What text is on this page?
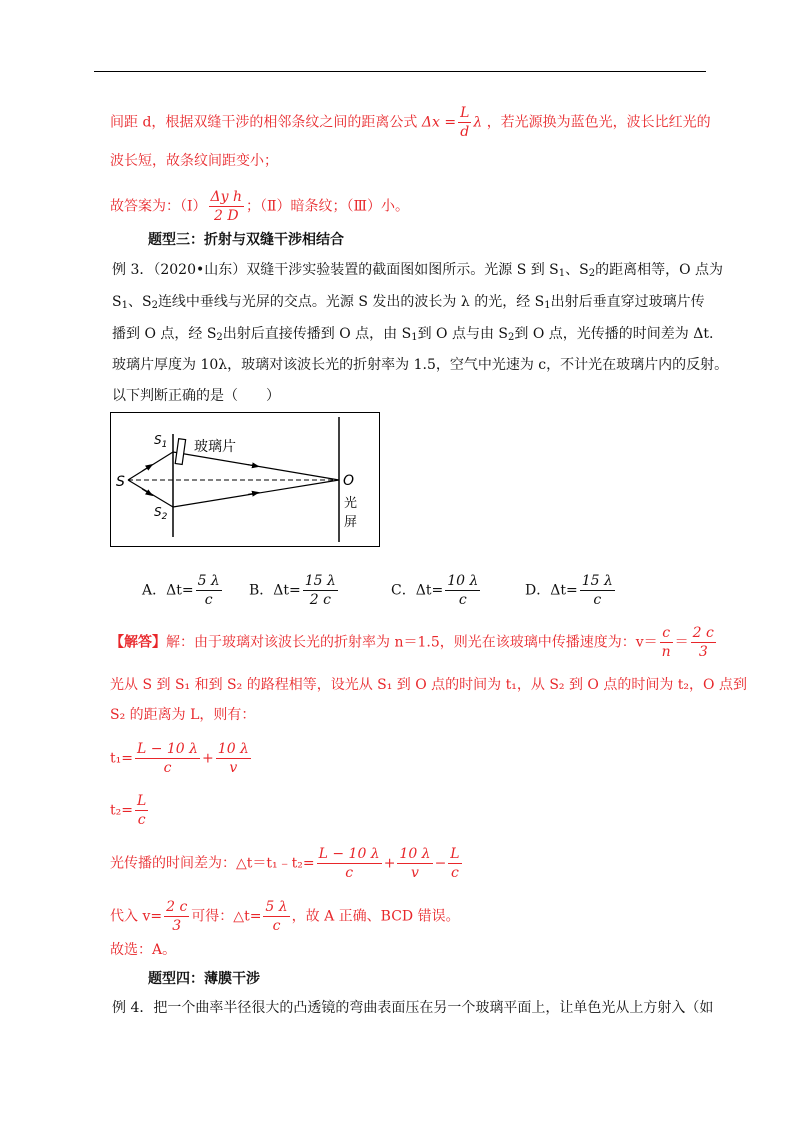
间距 d，根据双缝干涉的相邻条纹之间的距离公式 $\Delta x = \frac{L}{d}$ λ ，若光源换为蓝色光，波长比红光的
波长短，故条纹间距变小；
故答案为：$(I) \frac{\text{Δy h}}{2 D}$ ；（Ⅱ）暗条纹；（Ⅲ）小。
题型三：折射与双缝干涉相结合
例 3．（2020•山东）双缝干涉实验装置的截面图如图所示。光源 S 到 $S_1$、$S_2$的距离相等，O 点为
$S_1$、$S_2$连线中垂线与光屏的交点。光源 S 发出的波长为 λ 的光，经 $S_1$出射后垂直穿过玻璃片传
播到 O 点，经 $S_2$出射后直接传播到 O 点，由 $S_1$到 O 点与由 $S_2$到 O 点，光传播的时间差为 Δt.
玻璃片厚度为 10λ，玻璃对该波长光的折射率为 1.5，空气中光速为 c，不计光在玻璃片内的反射。
以下判断正确的是（　　）
S
$S_1$
$S_2$
玻璃片
O
光
屏
A．$\Delta t= \frac{5 \lambda}{c}$ B．$\Delta t= \frac{15 \lambda}{2 c}$	C．$\Delta t= \frac{10 \lambda}{c}$	D．$\Delta t= \frac{15 \lambda}{c}$
【解答】解：由于玻璃对该波长光的折射率为 n＝1.5，则光在该玻璃中传播速度为：$v= \frac{c}{n} = \frac{2 c}{3}$
光从 S 到 S₁ 和到 S₂ 的路程相等，设光从 S₁ 到 O 点的时间为 t₁，从 S₂ 到 O 点的时间为 t₂，O 点到
S₂ 的距离为 L，则有：
$t_1= \frac{L - 10 \lambda}{c} + \frac{10 \lambda}{v}$
$t_2= \frac{L}{c}$
光传播的时间差为：△t＝t₁﹣t₂= $\frac{L - 10 \lambda}{c} + \frac{10 \lambda}{v} - \frac{L}{c}$
代入 $v= \frac{2 c}{3}$ 可得：△t= $\frac{5 \lambda}{c}$ ，故 A 正确、BCD 错误。
故选：A。
题型四：薄膜干涉
例 4．把一个曲率半径很大的凸透镜的弯曲表面压在另一个玻璃平面上，让单色光从上方射入（如
